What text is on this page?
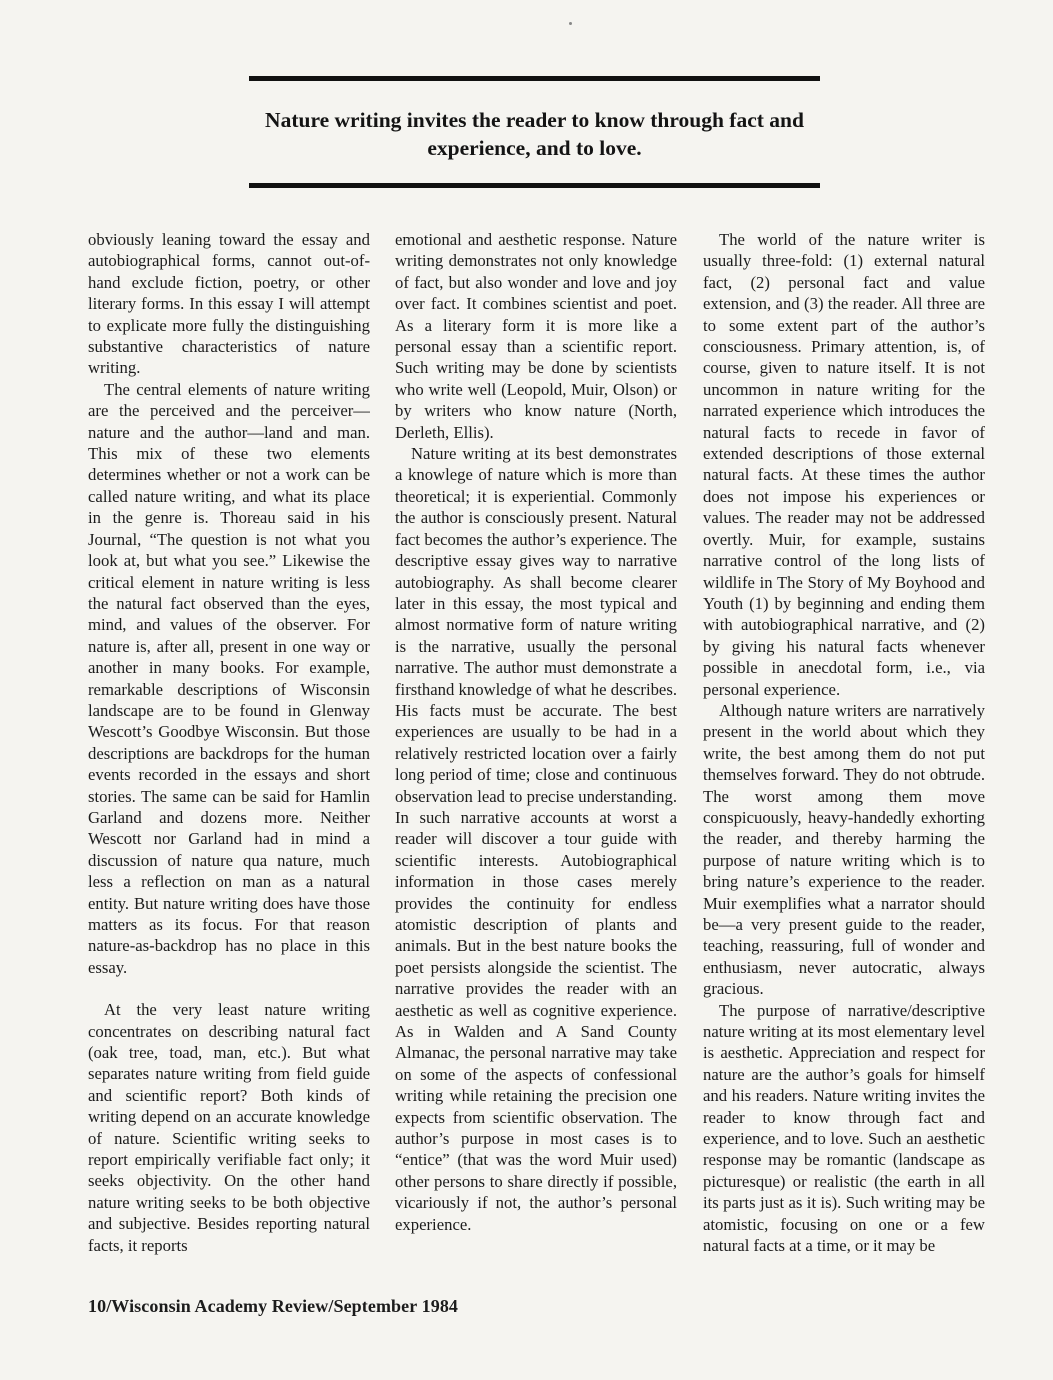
Nature writing invites the reader to know through fact and experience, and to love.

obviously leaning toward the essay and autobiographical forms, cannot out-of-hand exclude fiction, poetry, or other literary forms. In this essay I will attempt to explicate more fully the distinguishing substantive characteristics of nature writing.

The central elements of nature writing are the perceived and the perceiver—nature and the author—land and man. This mix of these two elements determines whether or not a work can be called nature writing, and what its place in the genre is. Thoreau said in his Journal, “The question is not what you look at, but what you see.” Likewise the critical element in nature writing is less the natural fact observed than the eyes, mind, and values of the observer. For nature is, after all, present in one way or another in many books. For example, remarkable descriptions of Wisconsin landscape are to be found in Glenway Wescott’s Goodbye Wisconsin. But those descriptions are backdrops for the human events recorded in the essays and short stories. The same can be said for Hamlin Garland and dozens more. Neither Wescott nor Garland had in mind a discussion of nature qua nature, much less a reflection on man as a natural entity. But nature writing does have those matters as its focus. For that reason nature-as-backdrop has no place in this essay.

At the very least nature writing concentrates on describing natural fact (oak tree, toad, man, etc.). But what separates nature writing from field guide and scientific report? Both kinds of writing depend on an accurate knowledge of nature. Scientific writing seeks to report empirically verifiable fact only; it seeks objectivity. On the other hand nature writing seeks to be both objective and subjective. Besides reporting natural facts, it reports

emotional and aesthetic response. Nature writing demonstrates not only knowledge of fact, but also wonder and love and joy over fact. It combines scientist and poet. As a literary form it is more like a personal essay than a scientific report. Such writing may be done by scientists who write well (Leopold, Muir, Olson) or by writers who know nature (North, Derleth, Ellis).

Nature writing at its best demonstrates a knowlege of nature which is more than theoretical; it is experiential. Commonly the author is consciously present. Natural fact becomes the author’s experience. The descriptive essay gives way to narrative autobiography. As shall become clearer later in this essay, the most typical and almost normative form of nature writing is the narrative, usually the personal narrative. The author must demonstrate a firsthand knowledge of what he describes. His facts must be accurate. The best experiences are usually to be had in a relatively restricted location over a fairly long period of time; close and continuous observation lead to precise understanding. In such narrative accounts at worst a reader will discover a tour guide with scientific interests. Autobiographical information in those cases merely provides the continuity for endless atomistic description of plants and animals. But in the best nature books the poet persists alongside the scientist. The narrative provides the reader with an aesthetic as well as cognitive experience. As in Walden and A Sand County Almanac, the personal narrative may take on some of the aspects of confessional writing while retaining the precision one expects from scientific observation. The author’s purpose in most cases is to “entice” (that was the word Muir used) other persons to share directly if possible, vicariously if not, the author’s personal experience.

The world of the nature writer is usually three-fold: (1) external natural fact, (2) personal fact and value extension, and (3) the reader. All three are to some extent part of the author’s consciousness. Primary attention, is, of course, given to nature itself. It is not uncommon in nature writing for the narrated experience which introduces the natural facts to recede in favor of extended descriptions of those external natural facts. At these times the author does not impose his experiences or values. The reader may not be addressed overtly. Muir, for example, sustains narrative control of the long lists of wildlife in The Story of My Boyhood and Youth (1) by beginning and ending them with autobiographical narrative, and (2) by giving his natural facts whenever possible in anecdotal form, i.e., via personal experience.

Although nature writers are narratively present in the world about which they write, the best among them do not put themselves forward. They do not obtrude. The worst among them move conspicuously, heavy-handedly exhorting the reader, and thereby harming the purpose of nature writing which is to bring nature’s experience to the reader. Muir exemplifies what a narrator should be—a very present guide to the reader, teaching, reassuring, full of wonder and enthusiasm, never autocratic, always gracious.

The purpose of narrative/descriptive nature writing at its most elementary level is aesthetic. Appreciation and respect for nature are the author’s goals for himself and his readers. Nature writing invites the reader to know through fact and experience, and to love. Such an aesthetic response may be romantic (landscape as picturesque) or realistic (the earth in all its parts just as it is). Such writing may be atomistic, focusing on one or a few natural facts at a time, or it may be

10/Wisconsin Academy Review/September 1984
